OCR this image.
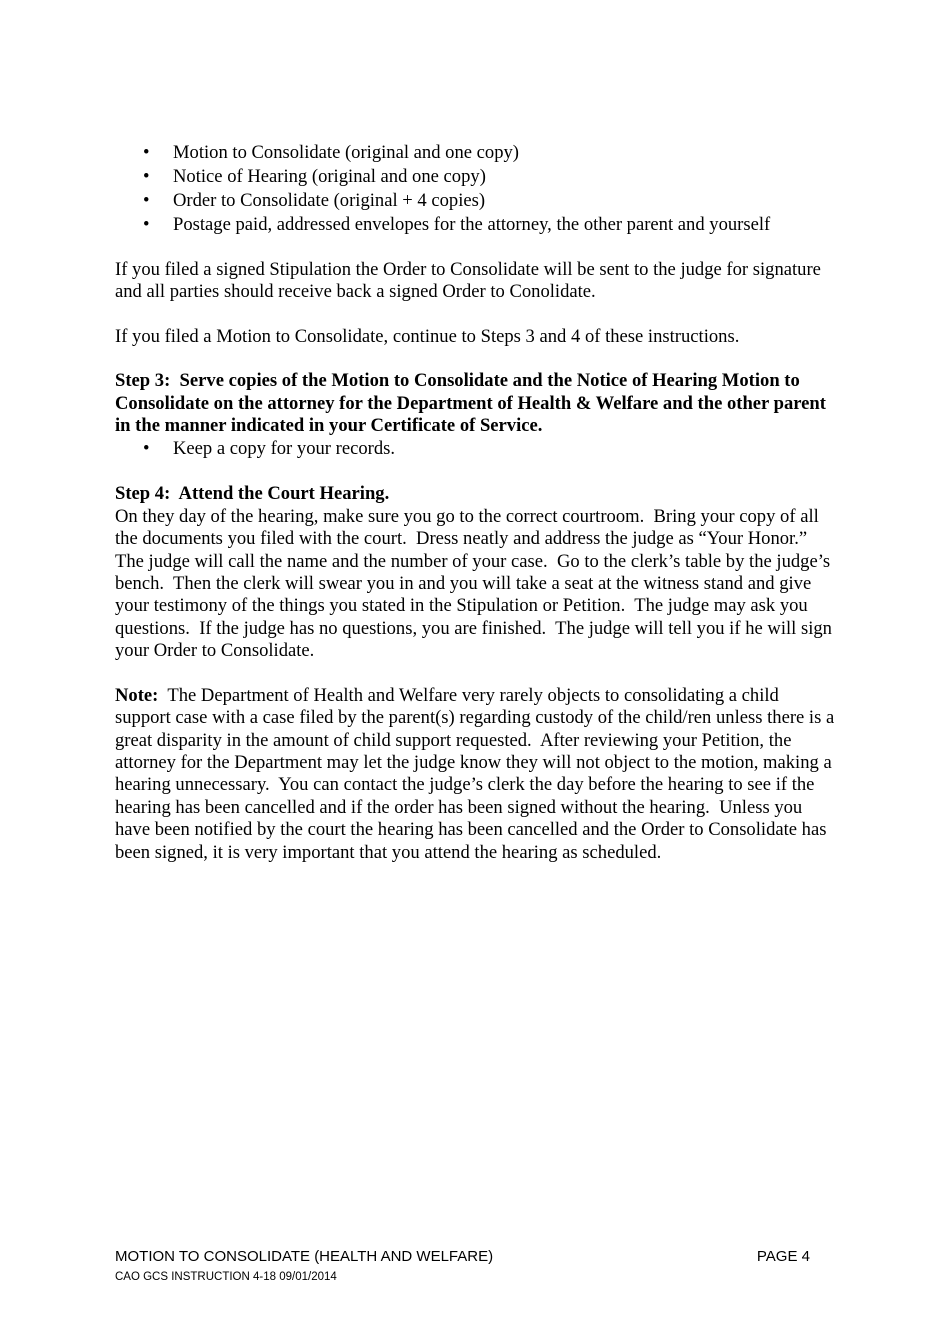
• Motion to Consolidate (original and one copy)
• Notice of Hearing (original and one copy)
• Order to Consolidate (original + 4 copies)
• Postage paid, addressed envelopes for the attorney, the other parent and yourself

If you filed a signed Stipulation the Order to Consolidate will be sent to the judge for signature and all parties should receive back a signed Order to Conolidate.

If you filed a Motion to Consolidate, continue to Steps 3 and 4 of these instructions.

Step 3:  Serve copies of the Motion to Consolidate and the Notice of Hearing Motion to Consolidate on the attorney for the Department of Health & Welfare and the other parent in the manner indicated in your Certificate of Service.

• Keep a copy for your records.

Step 4:  Attend the Court Hearing.
On they day of the hearing, make sure you go to the correct courtroom.  Bring your copy of all the documents you filed with the court.  Dress neatly and address the judge as “Your Honor.”  The judge will call the name and the number of your case.  Go to the clerk’s table by the judge’s bench.  Then the clerk will swear you in and you will take a seat at the witness stand and give your testimony of the things you stated in the Stipulation or Petition.  The judge may ask you questions.  If the judge has no questions, you are finished.  The judge will tell you if he will sign your Order to Consolidate.

Note:  The Department of Health and Welfare very rarely objects to consolidating a child support case with a case filed by the parent(s) regarding custody of the child/ren unless there is a great disparity in the amount of child support requested.  After reviewing your Petition, the attorney for the Department may let the judge know they will not object to the motion, making a hearing unnecessary.  You can contact the judge’s clerk the day before the hearing to see if the hearing has been cancelled and if the order has been signed without the hearing.  Unless you have been notified by the court the hearing has been cancelled and the Order to Consolidate has been signed, it is very important that you attend the hearing as scheduled.

MOTION TO CONSOLIDATE (HEALTH AND WELFARE)	PAGE 4
CAO GCS INSTRUCTION 4-18 09/01/2014
